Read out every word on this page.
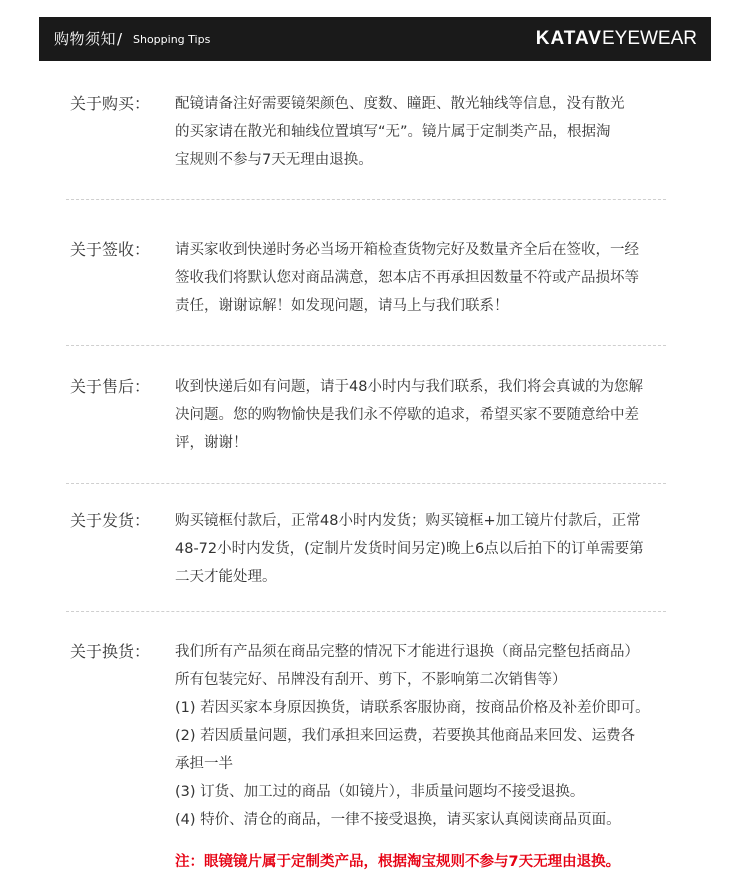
购物须知 / Shopping Tips	KATAVEYEWEAR
关于购买： 配镜请备注好需要镜架颜色、度数、瞳距、散光轴线等信息，没有散光
的买家请在散光和轴线位置填写“无”。镜片属于定制类产品，根据淘
宝规则不参与7天无理由退换。
关于签收： 请买家收到快递时务必当场开箱检查货物完好及数量齐全后在签收，一经
签收我们将默认您对商品满意，恕本店不再承担因数量不符或产品损坏等
责任，谢谢谅解！如发现问题，请马上与我们联系！
关于售后： 收到快递后如有问题，请于48小时内与我们联系，我们将会真诚的为您解
决问题。您的购物愉快是我们永不停歇的追求，希望买家不要随意给中差
评，谢谢！
关于发货： 购买镜框付款后，正常48小时内发货；购买镜框+加工镜片付款后，正常
48-72小时内发货，(定制片发货时间另定)晚上6点以后拍下的订单需要第
二天才能处理。
关于换货： 我们所有产品须在商品完整的情况下才能进行退换（商品完整包括商品）
所有包装完好、吊牌没有刮开、剪下，不影响第二次销售等）
(1) 若因买家本身原因换货，请联系客服协商，按商品价格及补差价即可。
(2) 若因质量问题，我们承担来回运费，若要换其他商品来回发、运费各
承担一半
(3) 订货、加工过的商品（如镜片），非质量问题均不接受退换。
(4) 特价、清仓的商品，一律不接受退换，请买家认真阅读商品页面。
注：眼镜镜片属于定制类产品，根据淘宝规则不参与7天无理由退换。
